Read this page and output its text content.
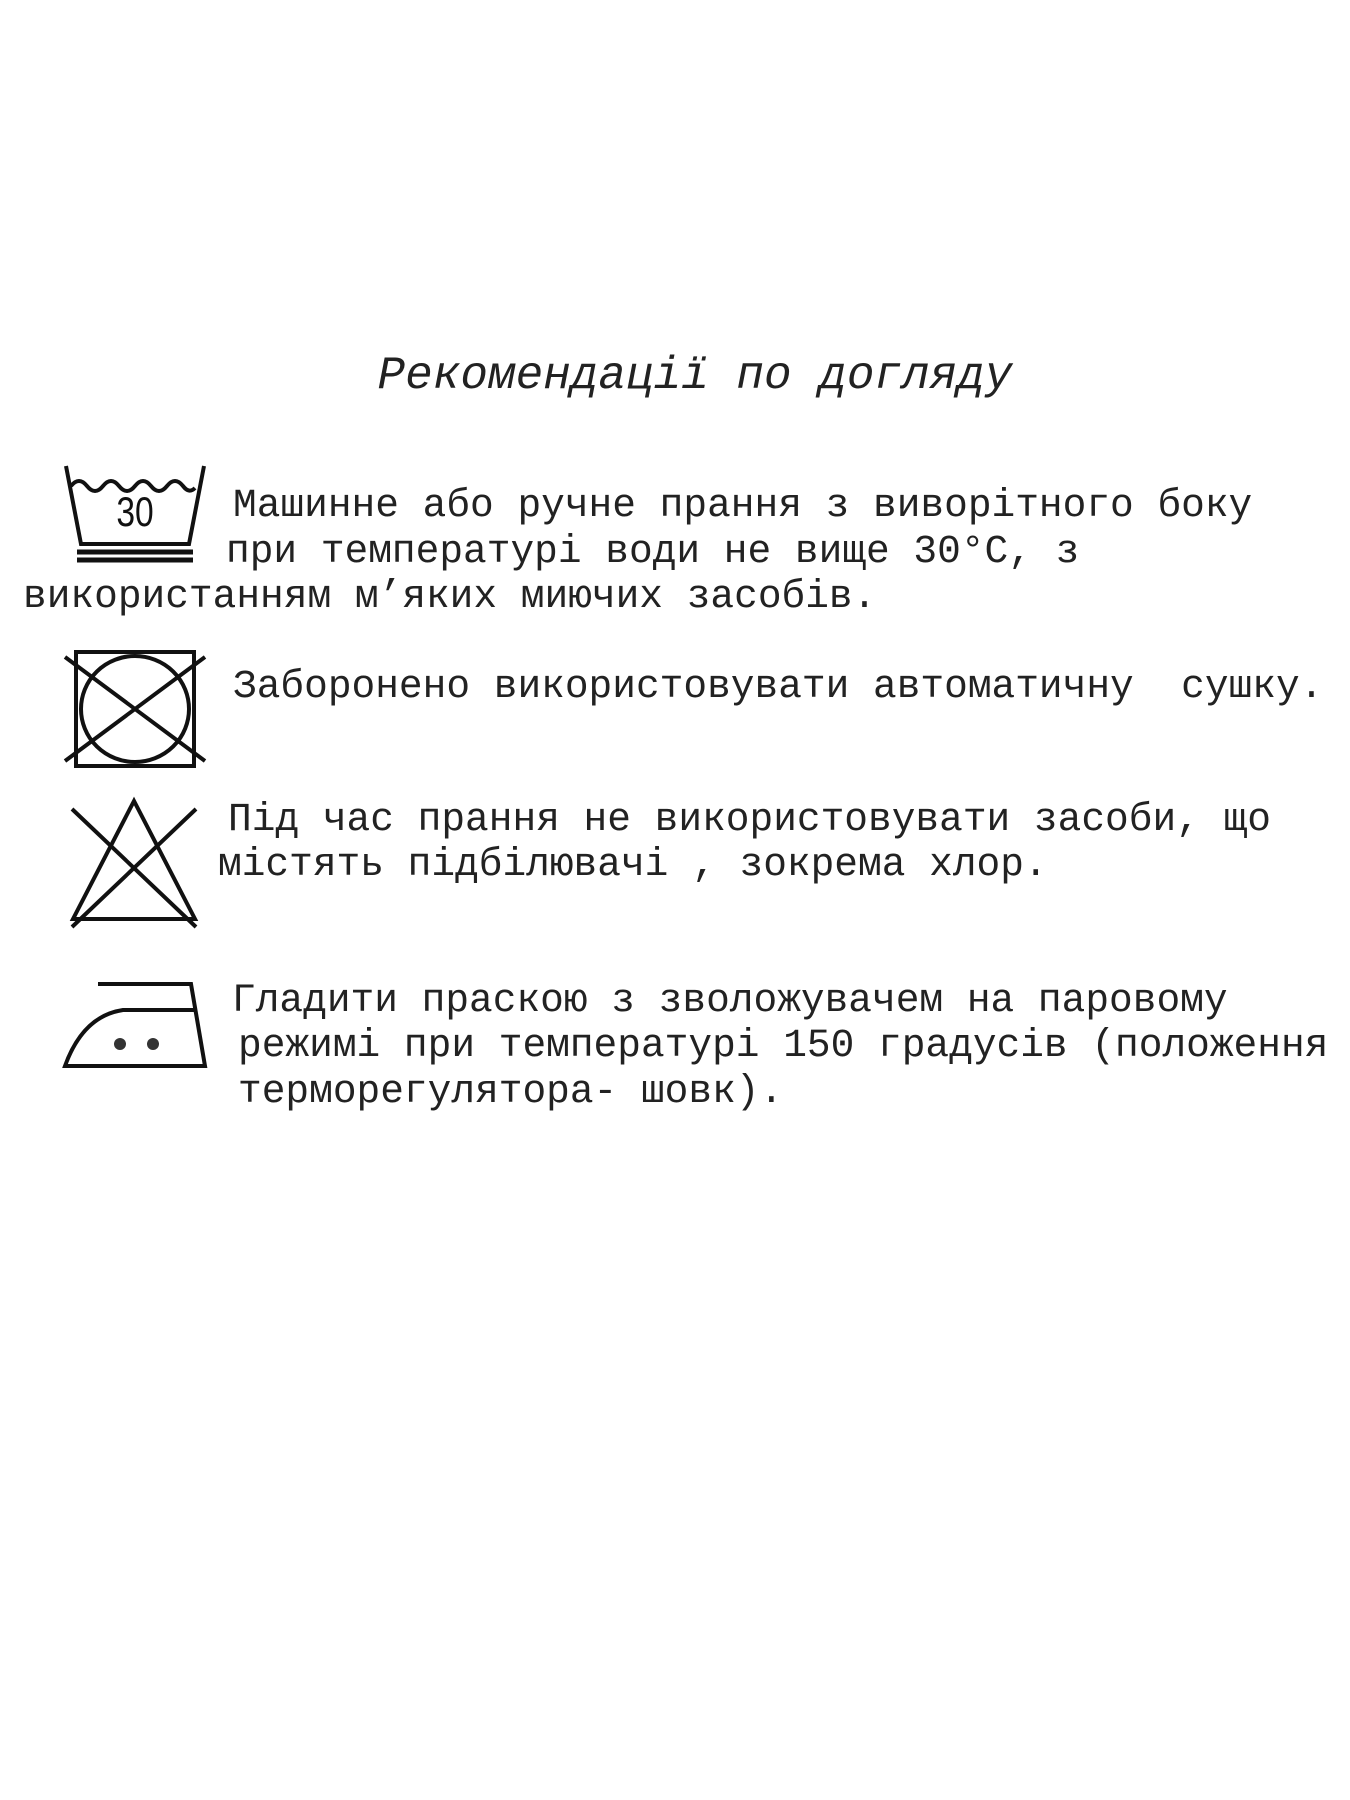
Рекомендації по догляду
30 Машинне або ручне прання з виворітного боку
при температурі води не вище 30°С, з
використанням м’яких миючих засобів.
Заборонено використовувати автоматичну  сушку.
Під час прання не використовувати засоби, що
містять підбілювачі , зокрема хлор.
Гладити праскою з зволожувачем на паровому
режимі при температурі 150 градусів (положення
терморегулятора- шовк).
